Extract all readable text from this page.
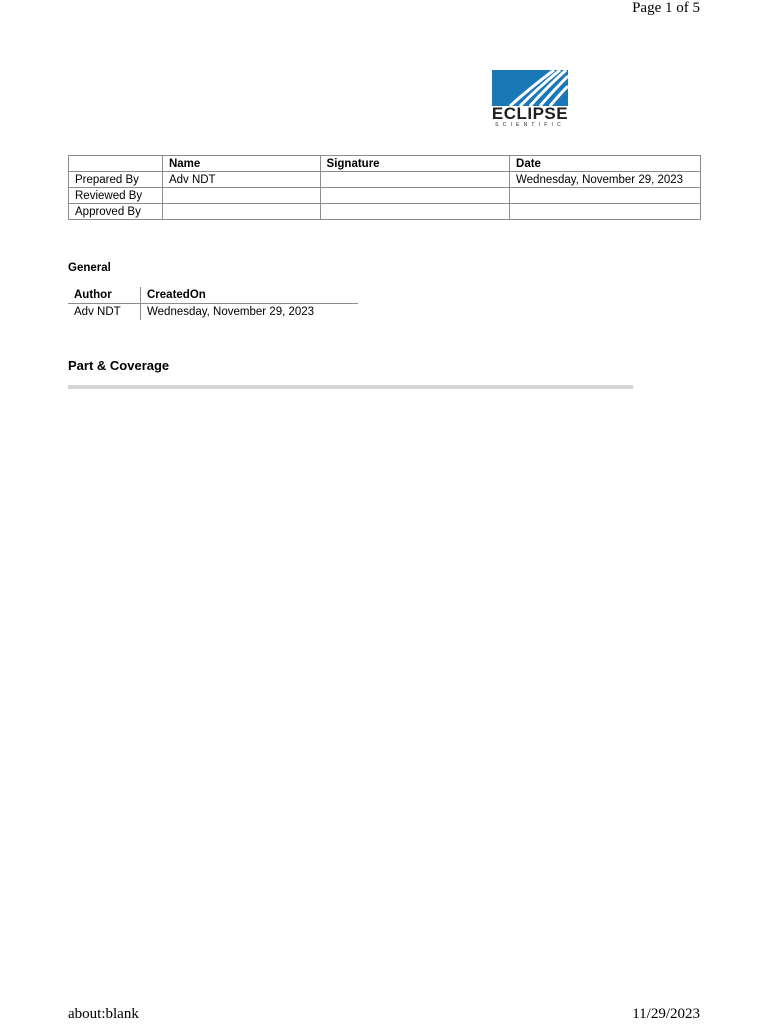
Page 1 of 5
ECLIPSE
SCIENTIFIC
	Name	Signature	Date
Prepared By	Adv NDT		Wednesday, November 29, 2023
Reviewed By			
Approved By			
General
Author	CreatedOn
Adv NDT	Wednesday, November 29, 2023
Part & Coverage
about:blank	11/29/2023
